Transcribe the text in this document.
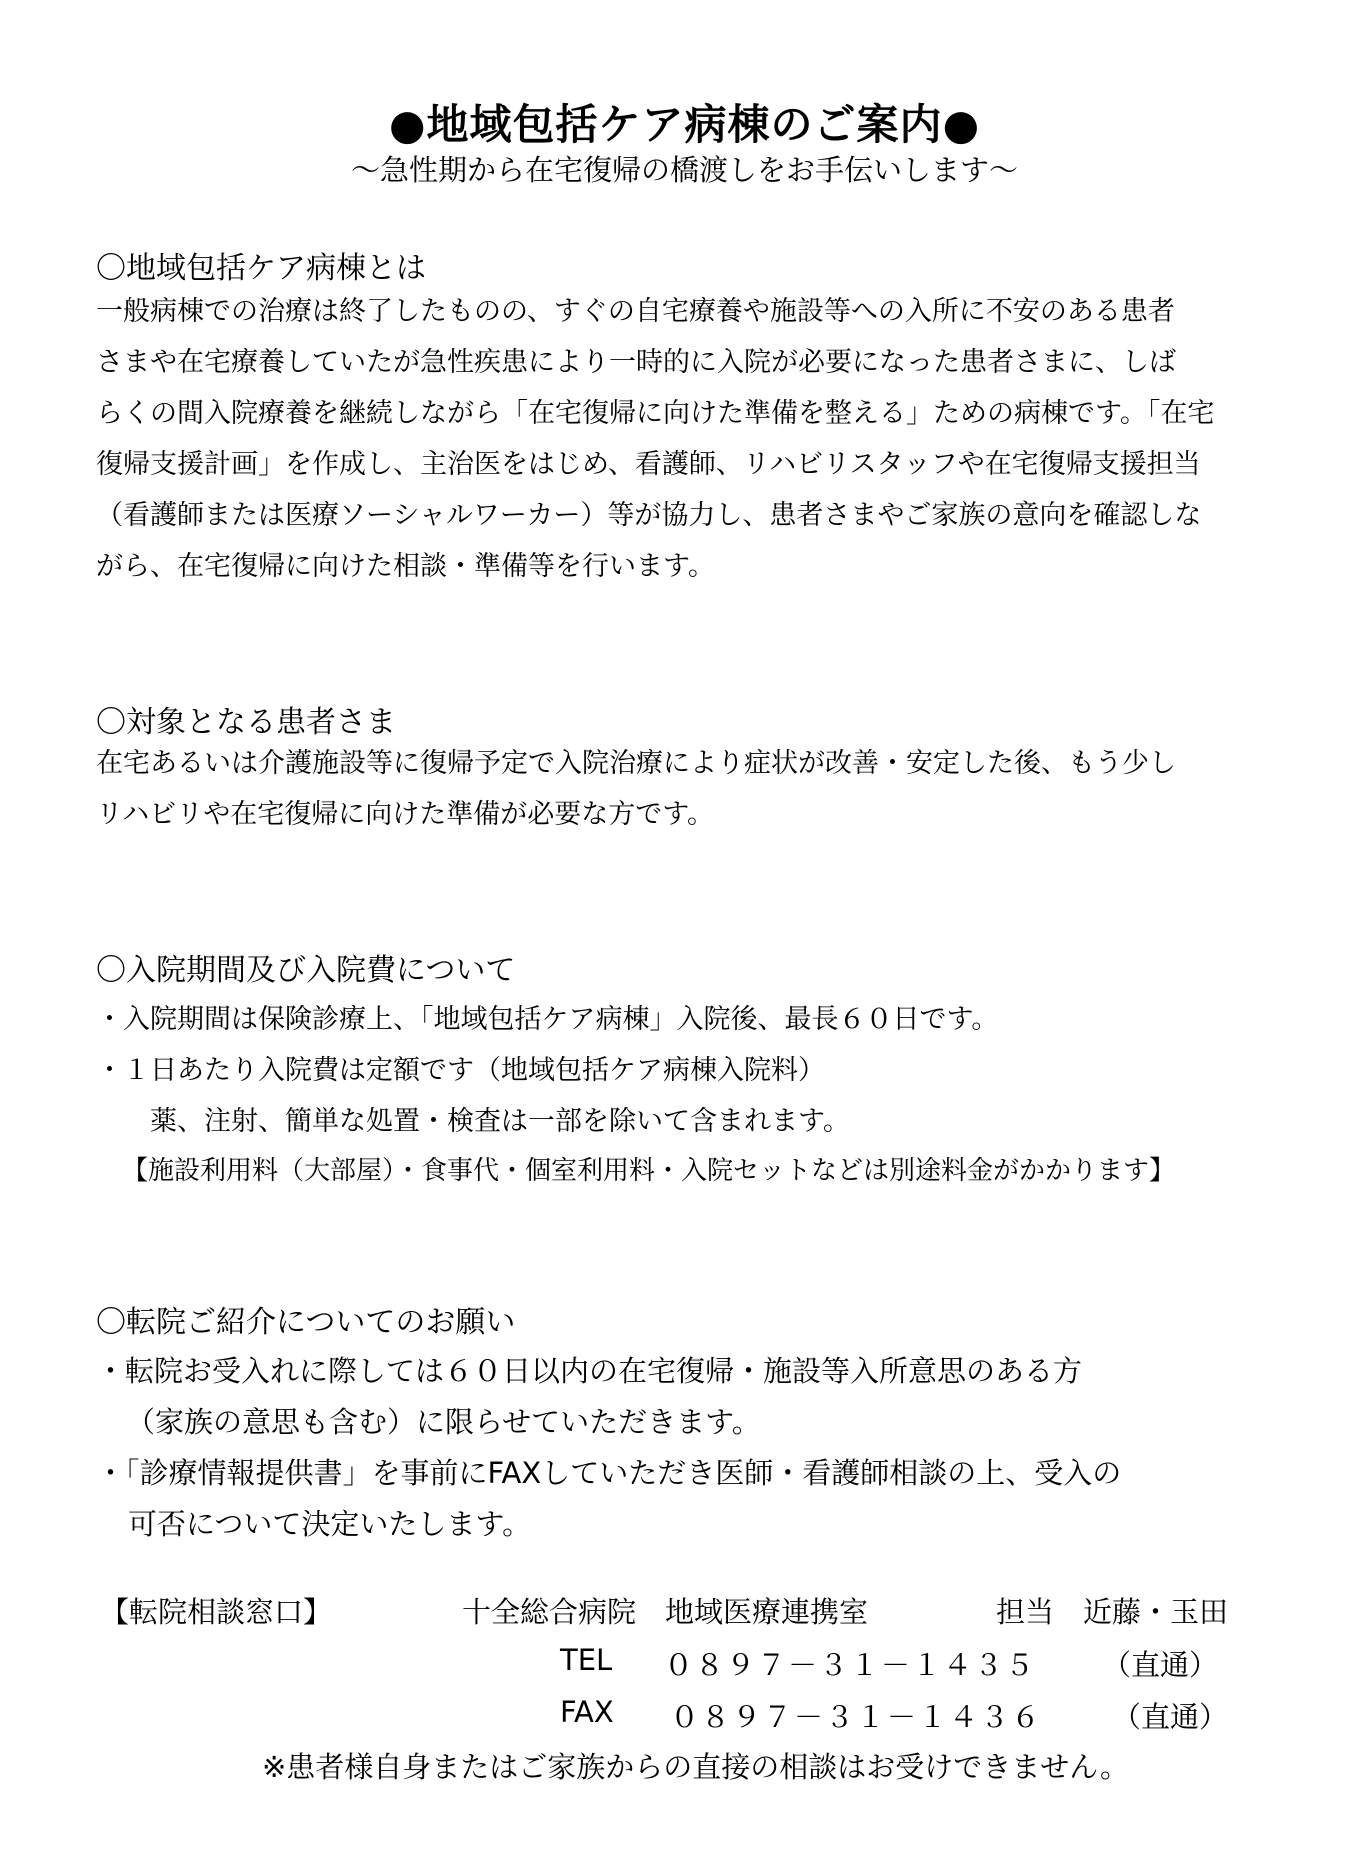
●地域包括ケア病棟のご案内●
～急性期から在宅復帰の橋渡しをお手伝いします～
〇地域包括ケア病棟とは
一般病棟での治療は終了したものの、すぐの自宅療養や施設等への入所に不安のある患者
さまや在宅療養していたが急性疾患により一時的に入院が必要になった患者さまに、しば
らくの間入院療養を継続しながら「在宅復帰に向けた準備を整える」ための病棟です。「在宅
復帰支援計画」を作成し、主治医をはじめ、看護師、リハビリスタッフや在宅復帰支援担当
（看護師または医療ソーシャルワーカー）等が協力し、患者さまやご家族の意向を確認しな
がら、在宅復帰に向けた相談・準備等を行います。
〇対象となる患者さま
在宅あるいは介護施設等に復帰予定で入院治療により症状が改善・安定した後、もう少し
リハビリや在宅復帰に向けた準備が必要な方です。
〇入院期間及び入院費について
・入院期間は保険診療上、「地域包括ケア病棟」入院後、最長６０日です。
・１日あたり入院費は定額です（地域包括ケア病棟入院料）
薬、注射、簡単な処置・検査は一部を除いて含まれます。
【施設利用料（大部屋）・食事代・個室利用料・入院セットなどは別途料金がかかります】
〇転院ご紹介についてのお願い
・転院お受入れに際しては６０日以内の在宅復帰・施設等入所意思のある方
（家族の意思も含む）に限らせていただきます。
・「診療情報提供書」を事前にFAXしていただき医師・看護師相談の上、受入の
可否について決定いたします。
【転院相談窓口】	十全総合病院　地域医療連携室	担当　近藤・玉田
TEL ０８９７－３１－１４３５ （直通）
FAX ０８９７－３１－１４３６ （直通）
※患者様自身またはご家族からの直接の相談はお受けできません。
